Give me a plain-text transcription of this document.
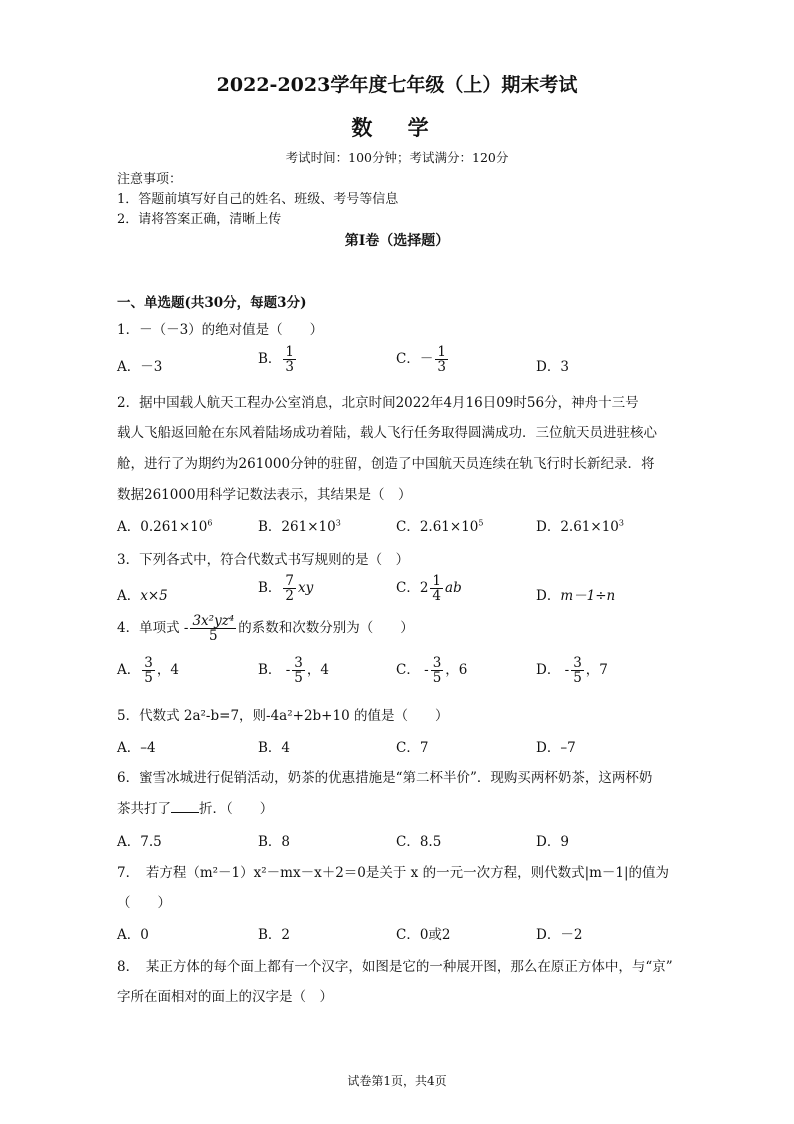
2022-2023学年度七年级（上）期末考试
数 学
考试时间：100分钟；考试满分：120分
注意事项：
1．答题前填写好自己的姓名、班级、考号等信息
2．请将答案正确，清晰上传
第I卷（选择题）
一、单选题(共30分，每题3分)
1．－（－3）的绝对值是（　　）
A．－3	B． $\frac{1}{3}$	C．－ $\frac{1}{3}$	D．3
2．据中国载人航天工程办公室消息，北京时间2022年4月16日09时56分，神舟十三号
载人飞船返回舱在东风着陆场成功着陆，载人飞行任务取得圆满成功．三位航天员进驻核心
舱，进行了为期约为261000分钟的驻留，创造了中国航天员连续在轨飞行时长新纪录．将
数据261000用科学记数法表示，其结果是（　）
A．$0.261\times 10^6$	B．$261\times 10^3$	C．$2.61\times 10^5$	D．$2.61\times 10^3$
3．下列各式中，符合代数式书写规则的是（　）
A．x×5	B． $\frac{7}{2}$ xy	C．$2 \frac{1}{4}$ ab	D．m－1÷n
4．单项式 - $\frac{\text{3x²yz⁴}}{5}$ 的系数和次数分别为（　　）
A． $\frac{3}{5}$ ，4	B． - $\frac{3}{5}$ ，4	C． - $\frac{3}{5}$ ，6	D． - $\frac{3}{5}$ ，7
5．代数式 2a²-b=7，则-4a²+2b+10 的值是（　　）
A．–4	B．4	C．7	D．–7
6．蜜雪冰城进行促销活动，奶茶的优惠措施是“第二杯半价”．现购买两杯奶茶，这两杯奶
茶共打了 折．（　　）
A．7.5	B．8	C．8.5	D．9
7．　若方程（m²－1）x²－mx－x＋2＝0是关于 x 的一元一次方程，则代数式|m－1|的值为
（　　）
A．0	B．2	C．0或2	D．－2
8．　某正方体的每个面上都有一个汉字，如图是它的一种展开图，那么在原正方体中，与“京”
字所在面相对的面上的汉字是（　）
试卷第1页，共4页
